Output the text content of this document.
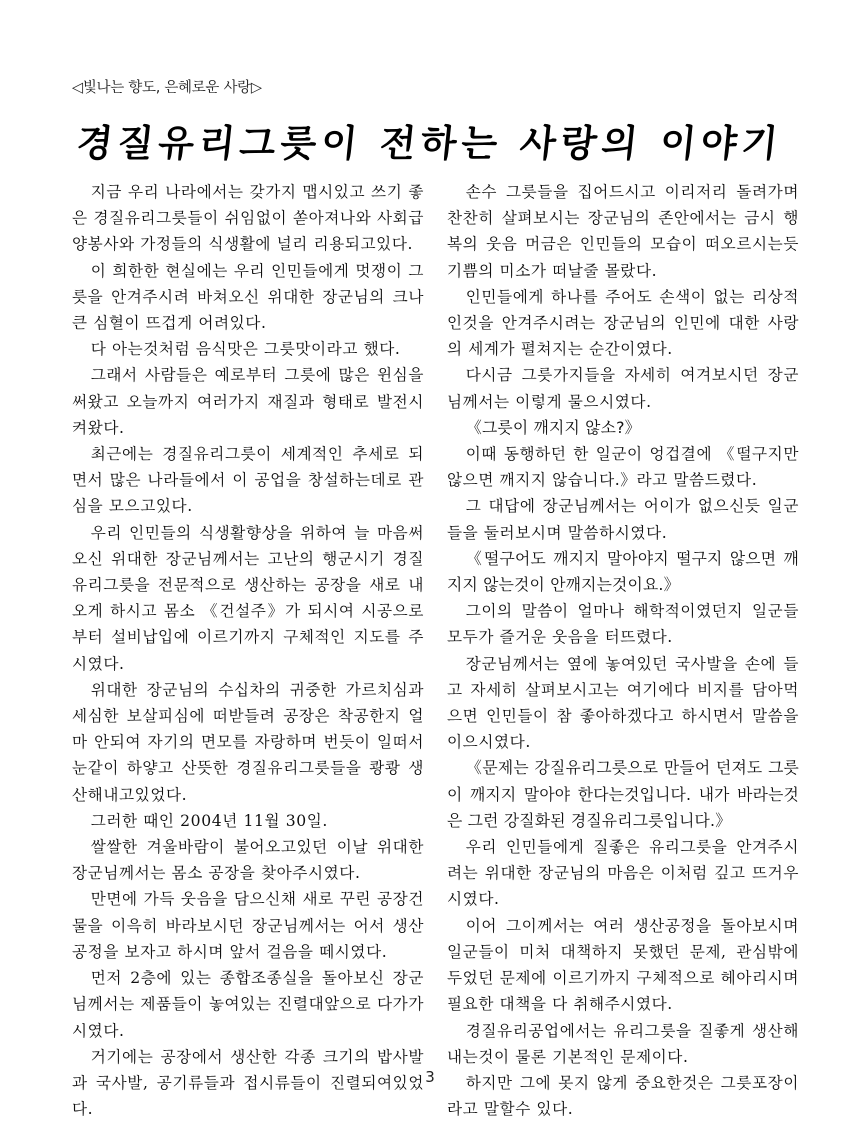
◁빛나는 향도, 은혜로운 사랑▷
경질유리그릇이 전하는 사랑의 이야기

지금 우리 나라에서는 갖가지 맵시있고 쓰기 좋은 경질유리그릇들이 쉬임없이 쏟아져나와 사회급양봉사와 가정들의 식생활에 널리 리용되고있다.

이 희한한 현실에는 우리 인민들에게 멋쟁이 그릇을 안겨주시려 바쳐오신 위대한 장군님의 크나큰 심혈이 뜨겁게 어려있다.

다 아는것처럼 음식맛은 그릇맛이라고 했다.

그래서 사람들은 예로부터 그릇에 많은 윈심을 써왔고 오늘까지 여러가지 재질과 형태로 발전시켜왔다.

최근에는 경질유리그릇이 세계적인 추세로 되면서 많은 나라들에서 이 공업을 창설하는데로 관심을 모으고있다.

우리 인민들의 식생활향상을 위하여 늘 마음써오신 위대한 장군님께서는 고난의 행군시기 경질유리그릇을 전문적으로 생산하는 공장을 새로 내오게 하시고 몸소 《건설주》가 되시여 시공으로부터 설비납입에 이르기까지 구체적인 지도를 주시였다.

위대한 장군님의 수십차의 귀중한 가르치심과 세심한 보살피심에 떠받들려 공장은 착공한지 얼마 안되여 자기의 면모를 자랑하며 번듯이 일떠서 눈같이 하얗고 산뜻한 경질유리그릇들을 쾅쾅 생산해내고있었다.

그러한 때인 2004년 11월 30일.

쌀쌀한 겨울바람이 불어오고있던 이날 위대한 장군님께서는 몸소 공장을 찾아주시였다.

만면에 가득 웃음을 담으신채 새로 꾸린 공장건물을 이윽히 바라보시던 장군님께서는 어서 생산공정을 보자고 하시며 앞서 걸음을 떼시였다.

먼저 2층에 있는 종합조종실을 돌아보신 장군님께서는 제품들이 놓여있는 진렬대앞으로 다가가시였다.

거기에는 공장에서 생산한 각종 크기의 밥사발과 국사발, 공기류들과 접시류들이 진렬되여있었다.

손수 그릇들을 집어드시고 이리저리 돌려가며 찬찬히 살펴보시는 장군님의 존안에서는 금시 행복의 웃음 머금은 인민들의 모습이 떠오르시는듯 기쁨의 미소가 떠날줄 몰랐다.

인민들에게 하나를 주어도 손색이 없는 리상적인것을 안겨주시려는 장군님의 인민에 대한 사랑의 세계가 펼쳐지는 순간이였다.

다시금 그릇가지들을 자세히 여겨보시던 장군님께서는 이렇게 물으시였다.

《그릇이 깨지지 않소?》

이때 동행하던 한 일군이 엉겁결에 《떨구지만 않으면 깨지지 않습니다.》라고 말씀드렸다.

그 대답에 장군님께서는 어이가 없으신듯 일군들을 둘러보시며 말씀하시였다.

《떨구어도 깨지지 말아야지 떨구지 않으면 깨지지 않는것이 안깨지는것이요.》

그이의 말씀이 얼마나 해학적이였던지 일군들모두가 즐거운 웃음을 터뜨렸다.

장군님께서는 옆에 놓여있던 국사발을 손에 들고 자세히 살펴보시고는 여기에다 비지를 담아먹으면 인민들이 참 좋아하겠다고 하시면서 말씀을 이으시였다.

《문제는 강질유리그릇으로 만들어 던져도 그릇이 깨지지 말아야 한다는것입니다. 내가 바라는것은 그런 강질화된 경질유리그릇입니다.》

우리 인민들에게 질좋은 유리그릇을 안겨주시려는 위대한 장군님의 마음은 이처럼 깊고 뜨거우시였다.

이어 그이께서는 여러 생산공정을 돌아보시며 일군들이 미처 대책하지 못했던 문제, 관심밖에 두었던 문제에 이르기까지 구체적으로 헤아리시며 필요한 대책을 다 취해주시였다.

경질유리공업에서는 유리그릇을 질좋게 생산해내는것이 물론 기본적인 문제이다.

하지만 그에 못지 않게 중요한것은 그릇포장이라고 말할수 있다.

3
